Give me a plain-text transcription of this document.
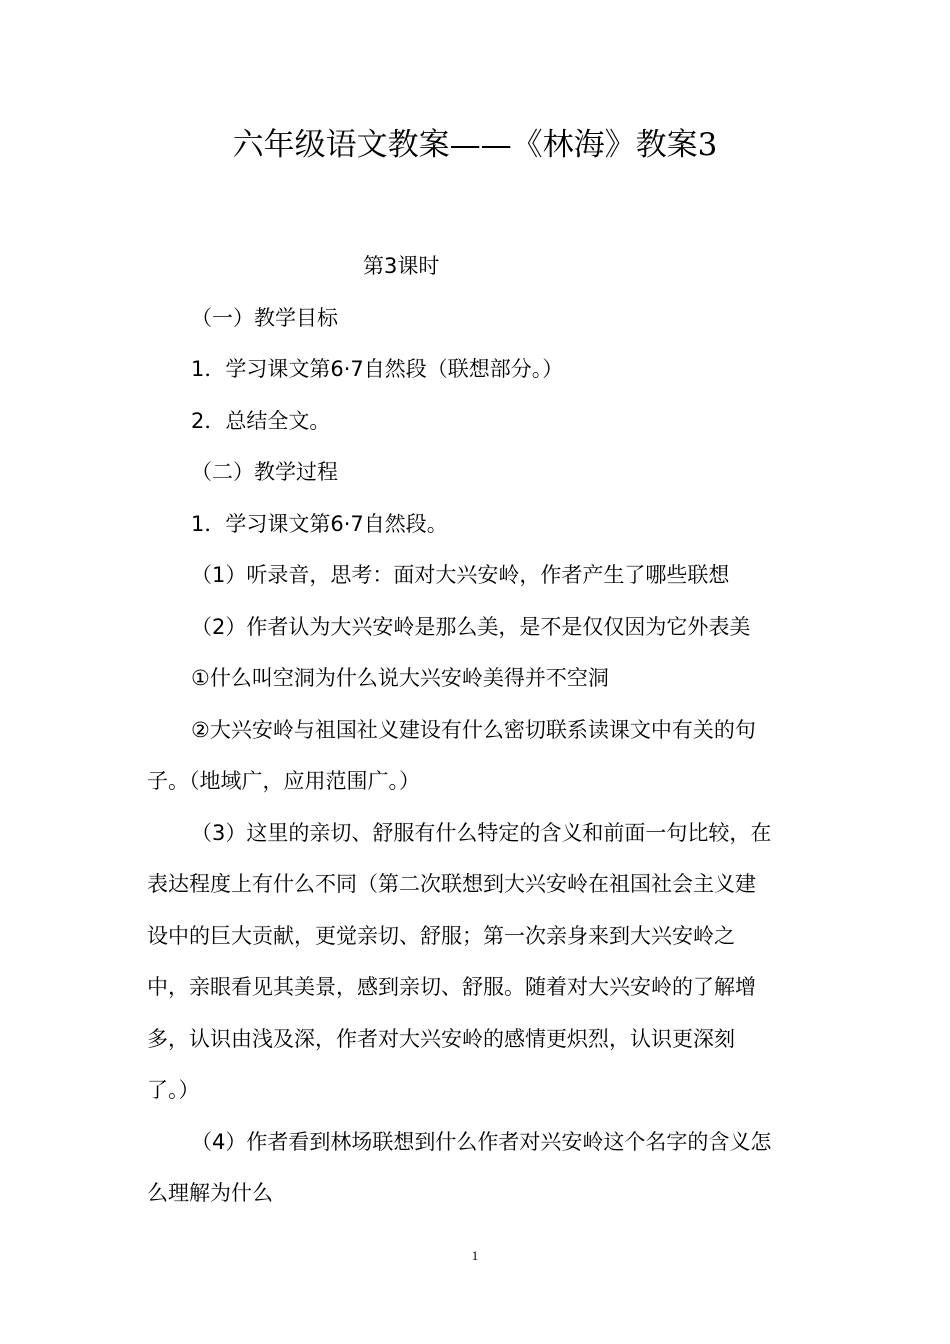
六年级语文教案——《林海》教案3
第3课时
（一）教学目标
1．学习课文第6·7自然段（联想部分。）
2．总结全文。
（二）教学过程
1．学习课文第6·7自然段。
（1）听录音，思考：面对大兴安岭，作者产生了哪些联想
（2）作者认为大兴安岭是那么美，是不是仅仅因为它外表美
①什么叫空洞为什么说大兴安岭美得并不空洞
②大兴安岭与祖国社义建设有什么密切联系读课文中有关的句
子。（地域广，应用范围广。）
（3）这里的亲切、舒服有什么特定的含义和前面一句比较，在
表达程度上有什么不同（第二次联想到大兴安岭在祖国社会主义建
设中的巨大贡献，更觉亲切、舒服；第一次亲身来到大兴安岭之
中，亲眼看见其美景，感到亲切、舒服。随着对大兴安岭的了解增
多，认识由浅及深，作者对大兴安岭的感情更炽烈，认识更深刻
了。）
（4）作者看到林场联想到什么作者对兴安岭这个名字的含义怎
么理解为什么
1
